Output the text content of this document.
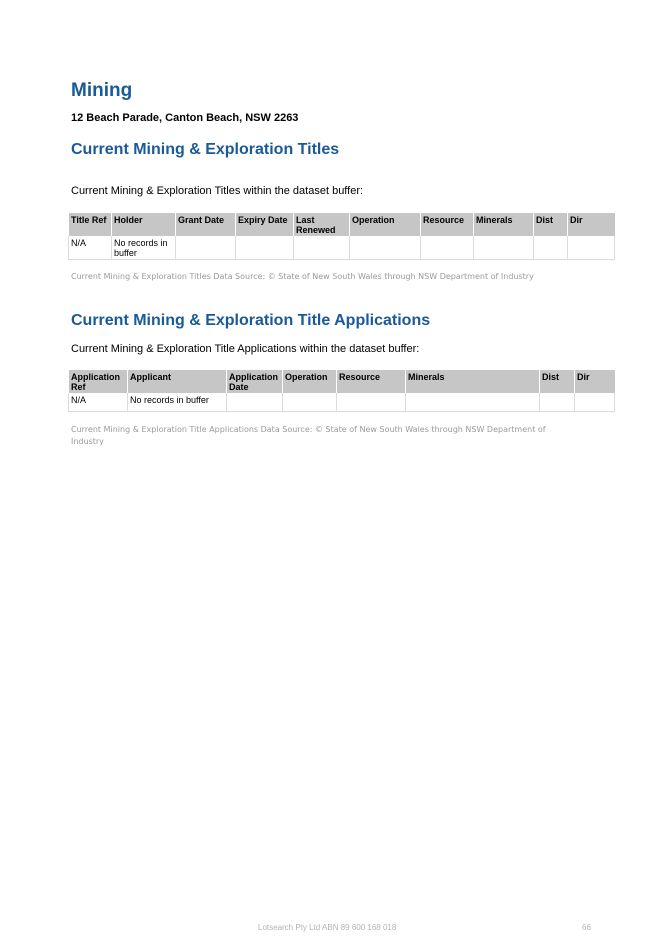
Mining

12 Beach Parade, Canton Beach, NSW 2263

Current Mining & Exploration Titles

Current Mining & Exploration Titles within the dataset buffer:

Title Ref	Holder	Grant Date	Expiry Date	Last Renewed	Operation	Resource	Minerals	Dist	Dir
N/A	No records in buffer								

Current Mining & Exploration Titles Data Source: © State of New South Wales through NSW Department of Industry

Current Mining & Exploration Title Applications

Current Mining & Exploration Title Applications within the dataset buffer:

Application Ref	Applicant	Application Date	Operation	Resource	Minerals	Dist	Dir
N/A	No records in buffer						

Current Mining & Exploration Title Applications Data Source: © State of New South Wales through NSW Department of Industry

Lotsearch Pty Ltd ABN 89 600 168 018	66
